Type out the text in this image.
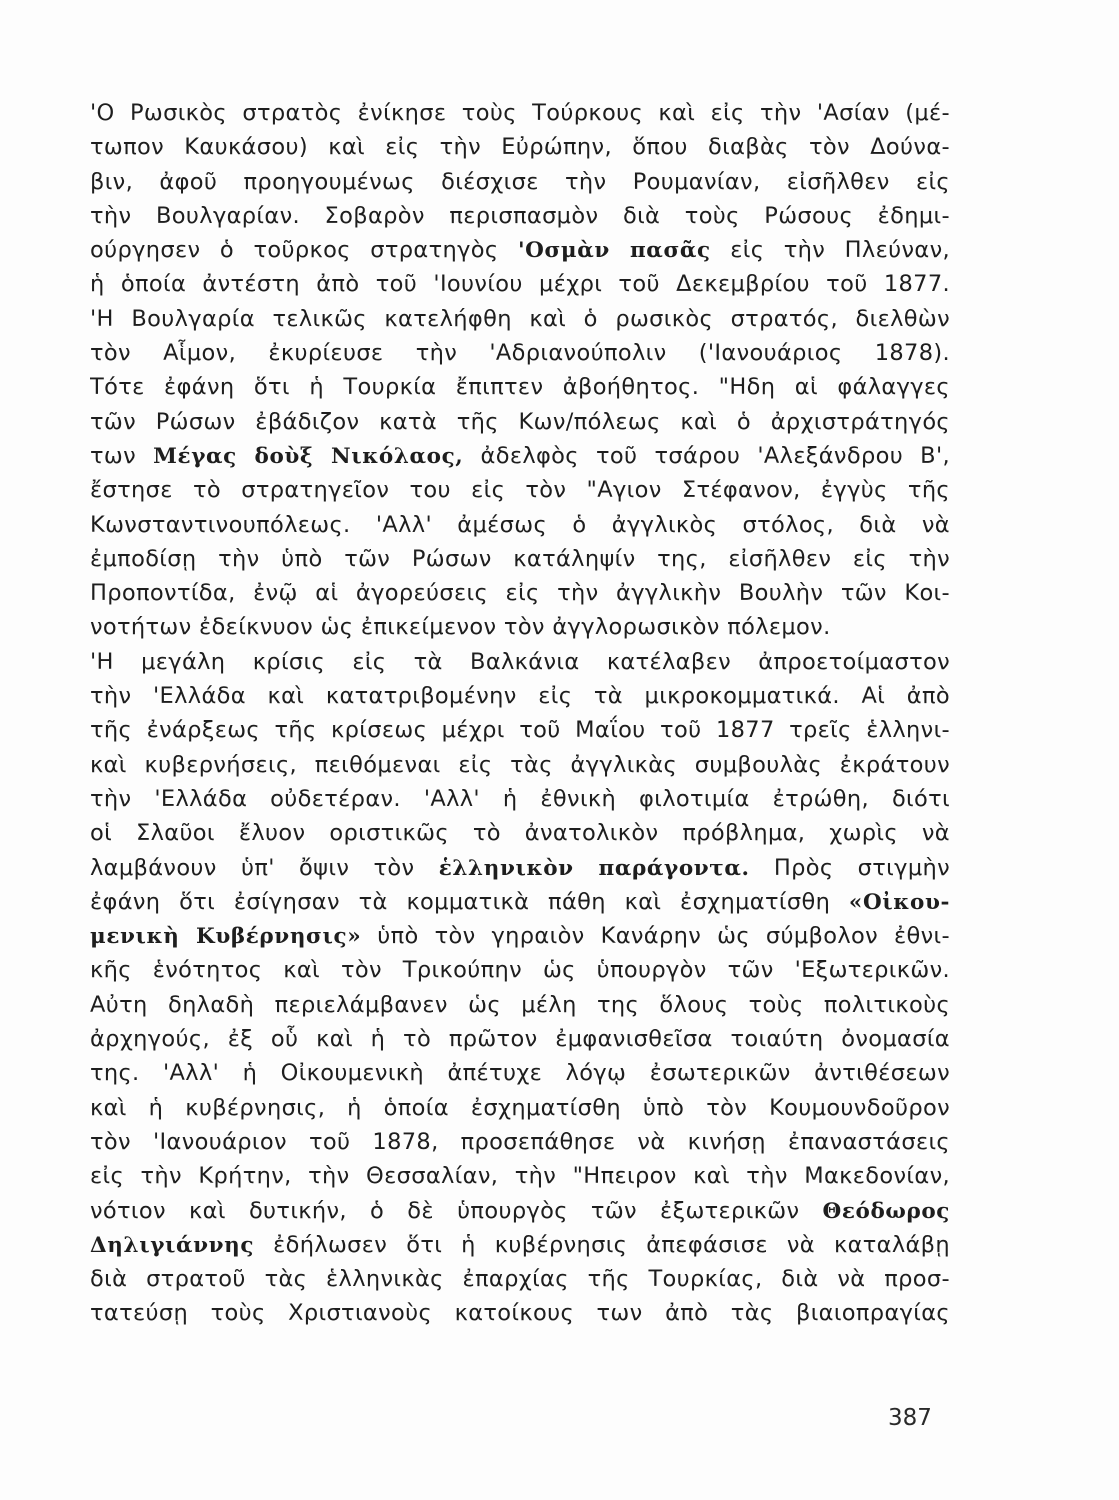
'Ο Ρωσικὸς στρατὸς ἐνίκησε τοὺς Τούρκους καὶ εἰς τὴν 'Ασίαν (μέ-
τωπον Καυκάσου) καὶ εἰς τὴν Εὐρώπην, ὅπου διαβὰς τὸν Δούνα-
βιν, ἀφοῦ προηγουμένως διέσχισε τὴν Ρουμανίαν, εἰσῆλθεν εἰς
τὴν Βουλγαρίαν. Σοβαρὸν περισπασμὸν διὰ τοὺς Ρώσους ἐδημι-
ούργησεν ὁ τοῦρκος στρατηγὸς 'Οσμὰν πασᾶς εἰς τὴν Πλεύναν,
ἡ ὁποία ἀντέστη ἀπὸ τοῦ 'Ιουνίου μέχρι τοῦ Δεκεμβρίου τοῦ 1877.
'Η Βουλγαρία τελικῶς κατελήφθη καὶ ὁ ρωσικὸς στρατός, διελθὼν
τὸν Αἷμον, ἐκυρίευσε τὴν 'Αδριανούπολιν ('Ιανουάριος 1878).
Τότε ἐφάνη ὅτι ἡ Τουρκία ἔπιπτεν ἀβοήθητος. "Ηδη αἱ φάλαγγες
τῶν Ρώσων ἐβάδιζον κατὰ τῆς Κων/πόλεως καὶ ὁ ἀρχιστράτηγός
των Μέγας δοὺξ Νικόλαος, ἀδελφὸς τοῦ τσάρου 'Αλεξάνδρου Β',
ἔστησε τὸ στρατηγεῖον του εἰς τὸν "Αγιον Στέφανον, ἐγγὺς τῆς
Κωνσταντινουπόλεως. 'Αλλ' ἀμέσως ὁ ἀγγλικὸς στόλος, διὰ νὰ
ἐμποδίσῃ τὴν ὑπὸ τῶν Ρώσων κατάληψίν της, εἰσῆλθεν εἰς τὴν
Προποντίδα, ἐνῷ αἱ ἀγορεύσεις εἰς τὴν ἀγγλικὴν Βουλὴν τῶν Κοι-
νοτήτων ἐδείκνυον ὡς ἐπικείμενον τὸν ἀγγλορωσικὸν πόλεμον.
'Η μεγάλη κρίσις εἰς τὰ Βαλκάνια κατέλαβεν ἀπροετοίμαστον
τὴν 'Ελλάδα καὶ κατατριβομένην εἰς τὰ μικροκομματικά. Αἱ ἀπὸ
τῆς ἐνάρξεως τῆς κρίσεως μέχρι τοῦ Μαΐου τοῦ 1877 τρεῖς ἑλληνι-
καὶ κυβερνήσεις, πειθόμεναι εἰς τὰς ἀγγλικὰς συμβουλὰς ἐκράτουν
τὴν 'Ελλάδα οὐδετέραν. 'Αλλ' ἡ ἐθνικὴ φιλοτιμία ἐτρώθη, διότι
οἱ Σλαῦοι ἔλυον οριστικῶς τὸ ἀνατολικὸν πρόβλημα, χωρὶς νὰ
λαμβάνουν ὑπ' ὄψιν τὸν ἑλληνικὸν παράγοντα. Πρὸς στιγμὴν
ἐφάνη ὅτι ἐσίγησαν τὰ κομματικὰ πάθη καὶ ἐσχηματίσθη «Οἰκου-
μενικὴ Κυβέρνησις» ὑπὸ τὸν γηραιὸν Κανάρην ὡς σύμβολον ἐθνι-
κῆς ἑνότητος καὶ τὸν Τρικούπην ὡς ὑπουργὸν τῶν 'Εξωτερικῶν.
Αὐτη δηλαδὴ περιελάμβανεν ὡς μέλη της ὅλους τοὺς πολιτικοὺς
ἀρχηγούς, ἐξ οὗ καὶ ἡ τὸ πρῶτον ἐμφανισθεῖσα τοιαύτη ὀνομασία
της. 'Αλλ' ἡ Οἰκουμενικὴ ἀπέτυχε λόγῳ ἐσωτερικῶν ἀντιθέσεων
καὶ ἡ κυβέρνησις, ἡ ὁποία ἐσχηματίσθη ὑπὸ τὸν Κουμουνδοῦρον
τὸν 'Ιανουάριον τοῦ 1878, προσεπάθησε νὰ κινήσῃ ἐπαναστάσεις
εἰς τὴν Κρήτην, τὴν Θεσσαλίαν, τὴν "Ηπειρον καὶ τὴν Μακεδονίαν,
νότιον καὶ δυτικήν, ὁ δὲ ὑπουργὸς τῶν ἐξωτερικῶν Θεόδωρος
Δηλιγιάννης ἐδήλωσεν ὅτι ἡ κυβέρνησις ἀπεφάσισε νὰ καταλάβῃ
διὰ στρατοῦ τὰς ἑλληνικὰς ἐπαρχίας τῆς Τουρκίας, διὰ νὰ προσ-
τατεύσῃ τοὺς Χριστιανοὺς κατοίκους των ἀπὸ τὰς βιαιοπραγίας
387
